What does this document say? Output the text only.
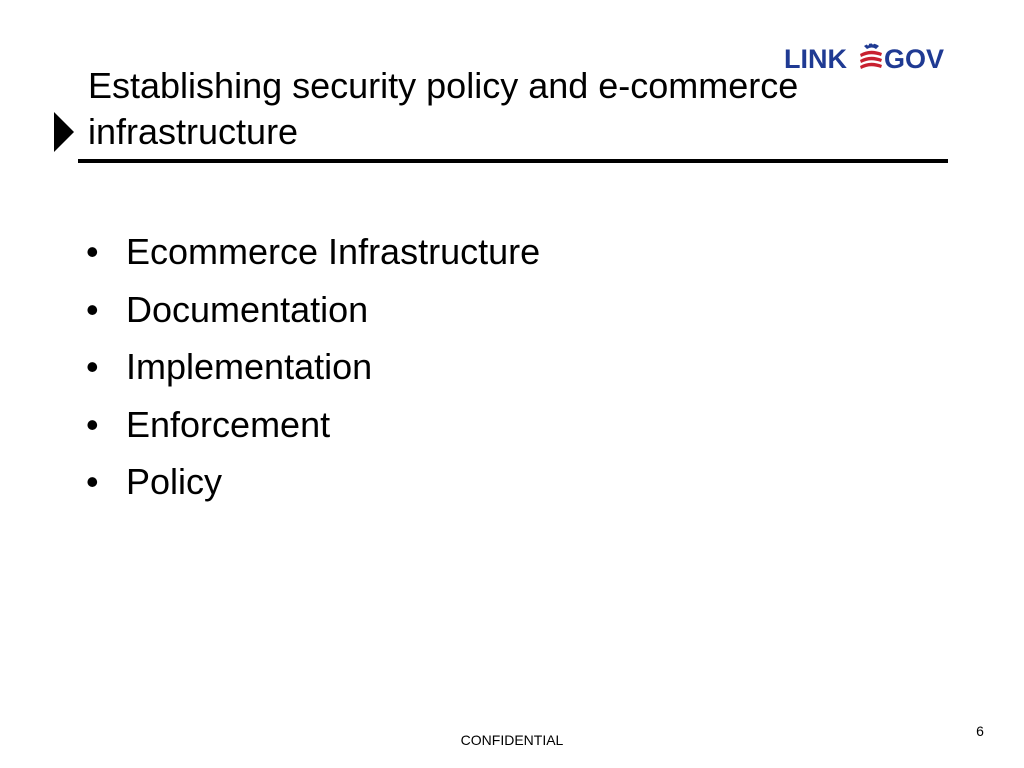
LINK GOV
Establishing security policy and e-commerce infrastructure
• Ecommerce Infrastructure
• Documentation
• Implementation
• Enforcement
• Policy
CONFIDENTIAL
6
